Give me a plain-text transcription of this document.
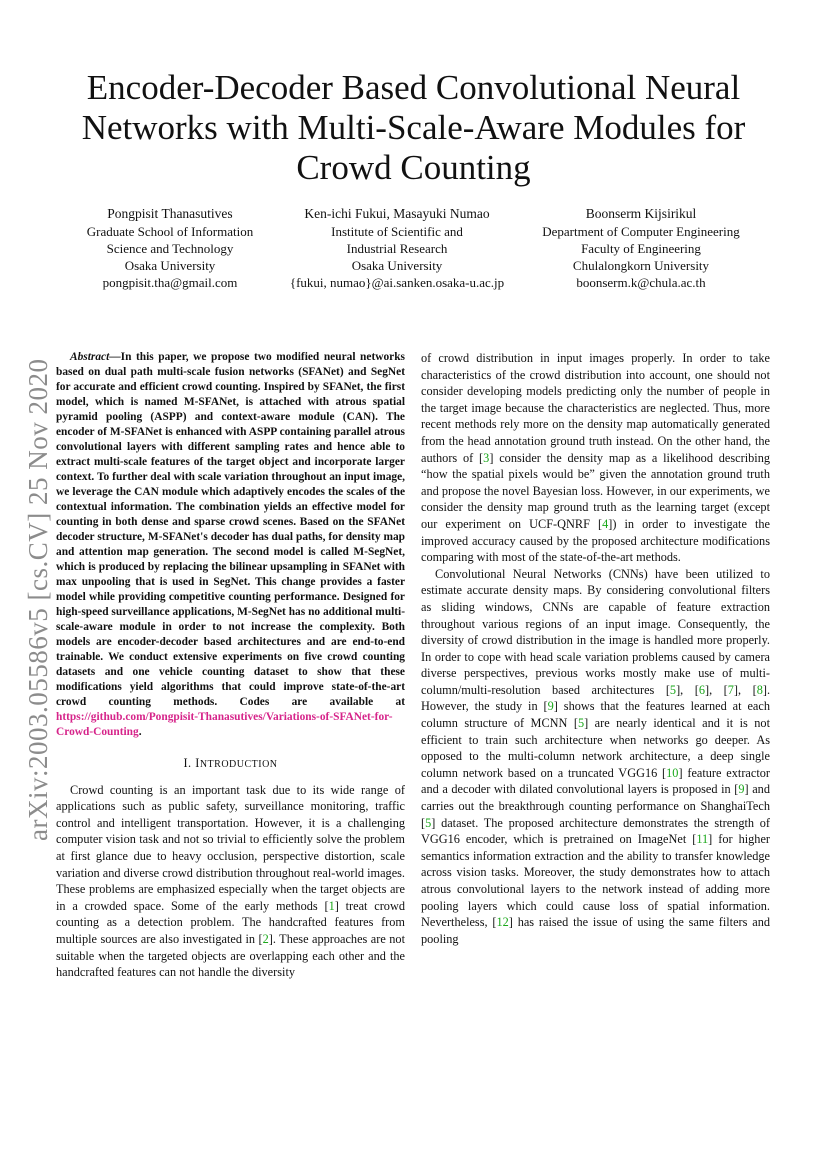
arXiv:2003.05586v5 [cs.CV] 25 Nov 2020
Encoder-Decoder Based Convolutional Neural Networks with Multi-Scale-Aware Modules for Crowd Counting
Pongpisit Thanasutives
Graduate School of Information
Science and Technology
Osaka University
pongpisit.tha@gmail.com
Ken-ichi Fukui, Masayuki Numao
Institute of Scientific and
Industrial Research
Osaka University
{fukui, numao}@ai.sanken.osaka-u.ac.jp
Boonserm Kijsirikul
Department of Computer Engineering
Faculty of Engineering
Chulalongkorn University
boonserm.k@chula.ac.th

Abstract—In this paper, we propose two modified neural networks based on dual path multi-scale fusion networks (SFANet) and SegNet for accurate and efficient crowd counting. Inspired by SFANet, the first model, which is named M-SFANet, is attached with atrous spatial pyramid pooling (ASPP) and context-aware module (CAN). The encoder of M-SFANet is enhanced with ASPP containing parallel atrous convolutional layers with different sampling rates and hence able to extract multi-scale features of the target object and incorporate larger context. To further deal with scale variation throughout an input image, we leverage the CAN module which adaptively encodes the scales of the contextual information. The combination yields an effective model for counting in both dense and sparse crowd scenes. Based on the SFANet decoder structure, M-SFANet's decoder has dual paths, for density map and attention map generation. The second model is called M-SegNet, which is produced by replacing the bilinear upsampling in SFANet with max unpooling that is used in SegNet. This change provides a faster model while providing competitive counting performance. Designed for high-speed surveillance applications, M-SegNet has no additional multi-scale-aware module in order to not increase the complexity. Both models are encoder-decoder based architectures and are end-to-end trainable. We conduct extensive experiments on five crowd counting datasets and one vehicle counting dataset to show that these modifications yield algorithms that could improve state-of-the-art crowd counting methods. Codes are available at https://github.com/Pongpisit-Thanasutives/Variations-of-SFANet-for-Crowd-Counting.

I. INTRODUCTION

Crowd counting is an important task due to its wide range of applications such as public safety, surveillance monitoring, traffic control and intelligent transportation. However, it is a challenging computer vision task and not so trivial to efficiently solve the problem at first glance due to heavy occlusion, perspective distortion, scale variation and diverse crowd distribution throughout real-world images. These problems are emphasized especially when the target objects are in a crowded space. Some of the early methods [1] treat crowd counting as a detection problem. The handcrafted features from multiple sources are also investigated in [2]. These approaches are not suitable when the targeted objects are overlapping each other and the handcrafted features can not handle the diversity

of crowd distribution in input images properly. In order to take characteristics of the crowd distribution into account, one should not consider developing models predicting only the number of people in the target image because the characteristics are neglected. Thus, more recent methods rely more on the density map automatically generated from the head annotation ground truth instead. On the other hand, the authors of [3] consider the density map as a likelihood describing “how the spatial pixels would be” given the annotation ground truth and propose the novel Bayesian loss. However, in our experiments, we consider the density map ground truth as the learning target (except our experiment on UCF-QNRF [4]) in order to investigate the improved accuracy caused by the proposed architecture modifications comparing with most of the state-of-the-art methods.

Convolutional Neural Networks (CNNs) have been utilized to estimate accurate density maps. By considering convolutional filters as sliding windows, CNNs are capable of feature extraction throughout various regions of an input image. Consequently, the diversity of crowd distribution in the image is handled more properly. In order to cope with head scale variation problems caused by camera diverse perspectives, previous works mostly make use of multi-column/multi-resolution based architectures [5], [6], [7], [8]. However, the study in [9] shows that the features learned at each column structure of MCNN [5] are nearly identical and it is not efficient to train such architecture when networks go deeper. As opposed to the multi-column network architecture, a deep single column network based on a truncated VGG16 [10] feature extractor and a decoder with dilated convolutional layers is proposed in [9] and carries out the breakthrough counting performance on ShanghaiTech [5] dataset. The proposed architecture demonstrates the strength of VGG16 encoder, which is pretrained on ImageNet [11] for higher semantics information extraction and the ability to transfer knowledge across vision tasks. Moreover, the study demonstrates how to attach atrous convolutional layers to the network instead of adding more pooling layers which could cause loss of spatial information. Nevertheless, [12] has raised the issue of using the same filters and pooling
